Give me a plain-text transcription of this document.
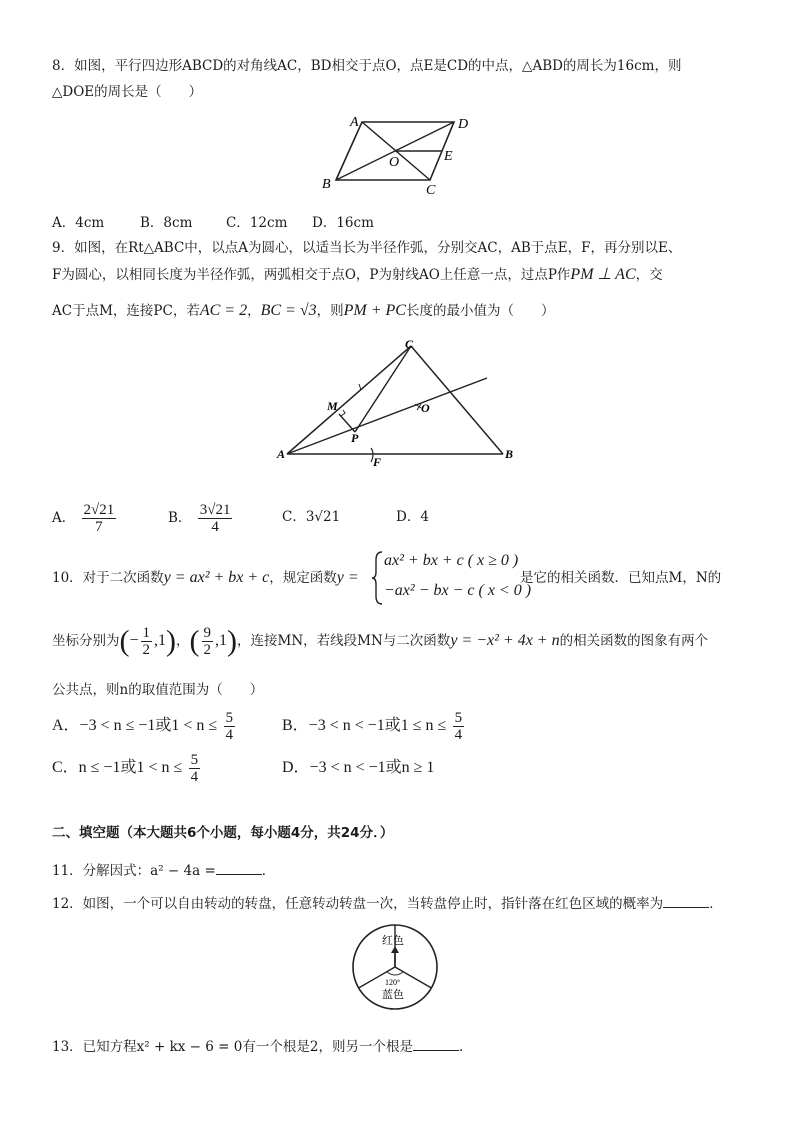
8．如图，平行四边形ABCD的对角线AC，BD相交于点O，点E是CD的中点，△ABD的周长为16cm，则
△DOE的周长是（　　）
A	D
O	E
B	C
A．4cm	B．8cm C．12cm D．16cm
9．如图，在Rt△ABC中，以点A为圆心，以适当长为半径作弧，分别交AC，AB于点E，F，再分别以E、
F为圆心，以相同长度为半径作弧，两弧相交于点O，P为射线AO上任意一点，过点P作PM ⊥ AC，交
AC于点M，连接PC，若AC = 2，BC = √3，则PM + PC长度的最小值为（　　）
C
M	O
P
A
F
B
A． $\frac{2√21}{7}$	B． $\frac{3√21}{4}$	C．3√21	D．4
10．对于二次函数y = ax² + bx + c，规定函数y =
ax² + bx + c ( x ≥ 0 )
−ax² − bx − c ( x < 0 )
是它的相关函数．已知点M，N的
坐标分别为(− $\frac{1}{2} ,1$)，( $\frac{9}{2} ,1$)，连接MN，若线段MN与二次函数y = −x² + 4x + n的相关函数的图象有两个
公共点，则n的取值范围为（　　）
A．−3 < n ≤ −1或$1 < n \le \frac{5}{4}$	B．−3 < n < −1或$1 \le n \le \frac{5}{4}$
C．n ≤ −1或$1 < n \le \frac{5}{4}$	D．−3 < n < −1或n ≥ 1
二、填空题（本大题共6个小题，每小题4分，共24分．）
11．分解因式：a² − 4a =	．
12．如图，一个可以自由转动的转盘，任意转动转盘一次，当转盘停止时，指针落在红色区域的概率为	．
红色
120°
蓝色
13．已知方程x² + kx − 6 = 0有一个根是2，则另一个根是	．
